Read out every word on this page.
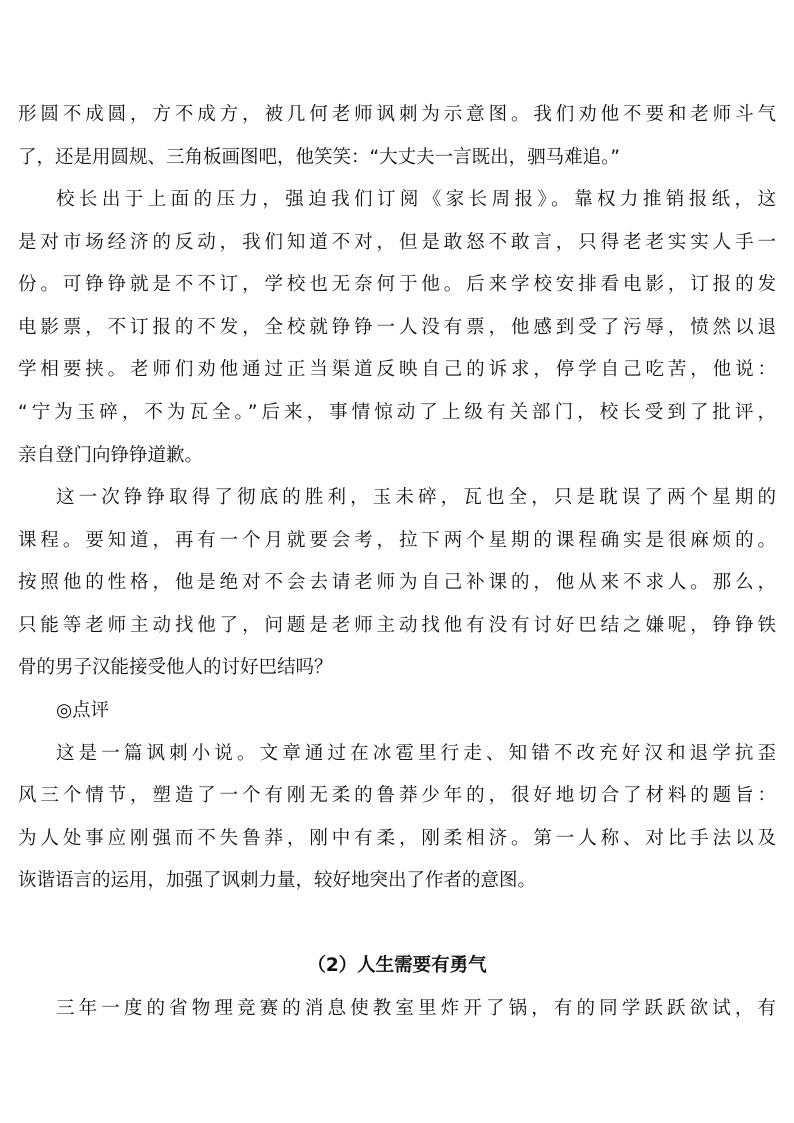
形圆不成圆，方不成方，被几何老师讽刺为示意图。我们劝他不要和老师斗气
了，还是用圆规、三角板画图吧，他笑笑：“大丈夫一言既出，驷马难追。”
校长出于上面的压力，强迫我们订阅《家长周报》。靠权力推销报纸，这
是对市场经济的反动，我们知道不对，但是敢怒不敢言，只得老老实实人手一
份。可铮铮就是不不订，学校也无奈何于他。后来学校安排看电影，订报的发
电影票，不订报的不发，全校就铮铮一人没有票，他感到受了污辱，愤然以退
学相要挟。老师们劝他通过正当渠道反映自己的诉求，停学自己吃苦，他说：
“宁为玉碎，不为瓦全。”后来，事情惊动了上级有关部门，校长受到了批评，
亲自登门向铮铮道歉。
这一次铮铮取得了彻底的胜利，玉未碎，瓦也全，只是耽误了两个星期的
课程。要知道，再有一个月就要会考，拉下两个星期的课程确实是很麻烦的。
按照他的性格，他是绝对不会去请老师为自己补课的，他从来不求人。那么，
只能等老师主动找他了，问题是老师主动找他有没有讨好巴结之嫌呢，铮铮铁
骨的男子汉能接受他人的讨好巴结吗？
◎点评
这是一篇讽刺小说。文章通过在冰雹里行走、知错不改充好汉和退学抗歪
风三个情节，塑造了一个有刚无柔的鲁莽少年的，很好地切合了材料的题旨：
为人处事应刚强而不失鲁莽，刚中有柔，刚柔相济。第一人称、对比手法以及
诙谐语言的运用，加强了讽刺力量，较好地突出了作者的意图。
（2）人生需要有勇气
三年一度的省物理竞赛的消息使教室里炸开了锅，有的同学跃跃欲试，有
